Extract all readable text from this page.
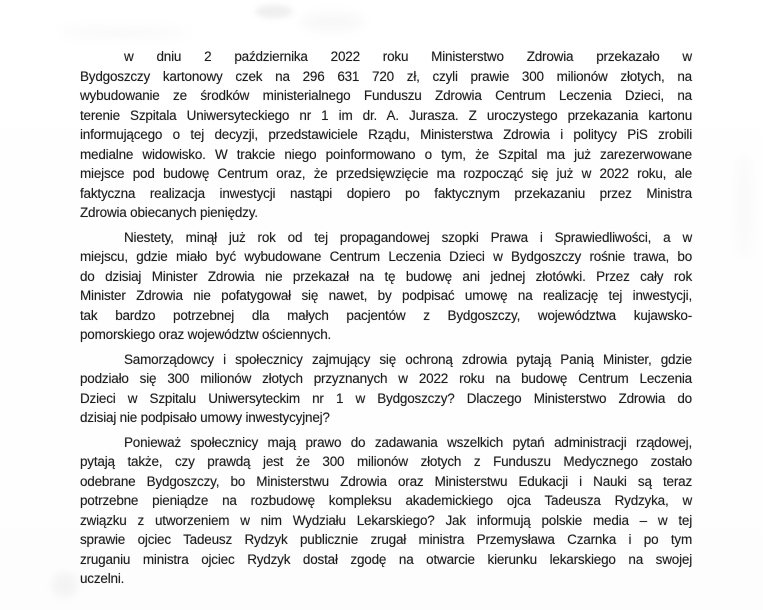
w dniu 2 października 2022 roku Ministerstwo Zdrowia przekazało w
Bydgoszczy kartonowy czek na 296 631 720 zł, czyli prawie 300 milionów złotych, na
wybudowanie ze środków ministerialnego Funduszu Zdrowia Centrum Leczenia Dzieci, na
terenie Szpitala Uniwersyteckiego nr 1 im dr. A. Jurasza. Z uroczystego przekazania kartonu
informującego o tej decyzji, przedstawiciele Rządu, Ministerstwa Zdrowia i politycy PiS zrobili
medialne widowisko. W trakcie niego poinformowano o tym, że Szpital ma już zarezerwowane
miejsce pod budowę Centrum oraz, że przedsięwzięcie ma rozpocząć się już w 2022 roku, ale
faktyczna realizacja inwestycji nastąpi dopiero po faktycznym przekazaniu przez Ministra
Zdrowia obiecanych pieniędzy.

Niestety, minął już rok od tej propagandowej szopki Prawa i Sprawiedliwości, a w
miejscu, gdzie miało być wybudowane Centrum Leczenia Dzieci w Bydgoszczy rośnie trawa, bo
do dzisiaj Minister Zdrowia nie przekazał na tę budowę ani jednej złotówki. Przez cały rok
Minister Zdrowia nie pofatygował się nawet, by podpisać umowę na realizację tej inwestycji,
tak bardzo potrzebnej dla małych pacjentów z Bydgoszczy, województwa kujawsko-
pomorskiego oraz województw ościennych.

Samorządowcy i społecznicy zajmujący się ochroną zdrowia pytają Panią Minister, gdzie
podziało się 300 milionów złotych przyznanych w 2022 roku na budowę Centrum Leczenia
Dzieci w Szpitalu Uniwersyteckim nr 1 w Bydgoszczy? Dlaczego Ministerstwo Zdrowia do
dzisiaj nie podpisało umowy inwestycyjnej?

Ponieważ społecznicy mają prawo do zadawania wszelkich pytań administracji rządowej,
pytają także, czy prawdą jest że 300 milionów złotych z Funduszu Medycznego zostało
odebrane Bydgoszczy, bo Ministerstwu Zdrowia oraz Ministerstwu Edukacji i Nauki są teraz
potrzebne pieniądze na rozbudowę kompleksu akademickiego ojca Tadeusza Rydzyka, w
związku z utworzeniem w nim Wydziału Lekarskiego? Jak informują polskie media – w tej
sprawie ojciec Tadeusz Rydzyk publicznie zrugał ministra Przemysława Czarnka i po tym
zruganiu ministra ojciec Rydzyk dostał zgodę na otwarcie kierunku lekarskiego na swojej
uczelni.
